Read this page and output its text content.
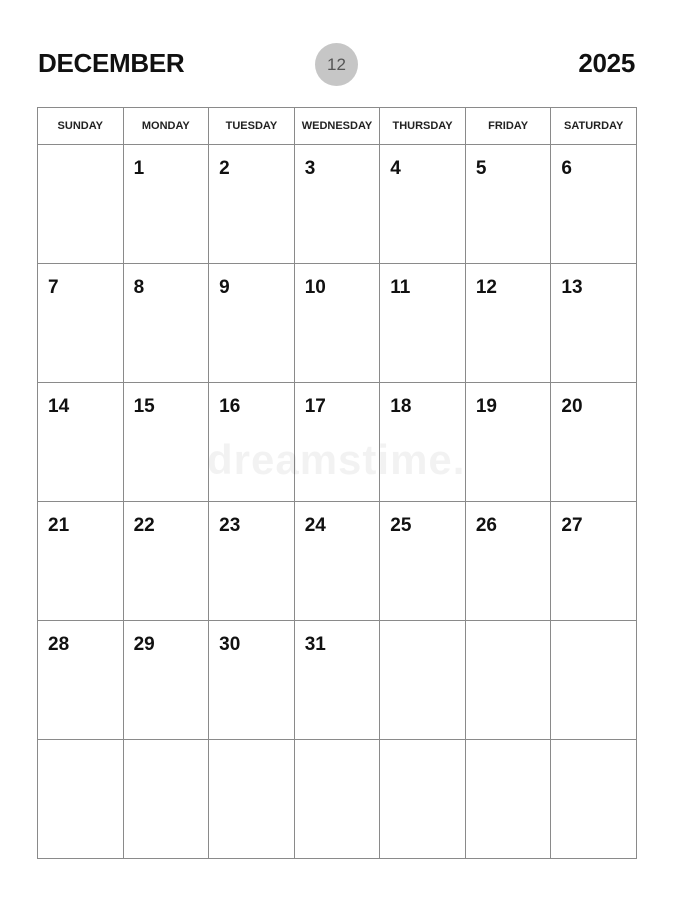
DECEMBER	12	2025
SUNDAY	MONDAY	TUESDAY	WEDNESDAY	THURSDAY	FRIDAY	SATURDAY

	1	2	3	4	5	6

7	8	9	10	11	12	13

14	15	16	17	18	19	20

21	22	23	24	25	26	27

28	29	30	31			

dreamstime.
